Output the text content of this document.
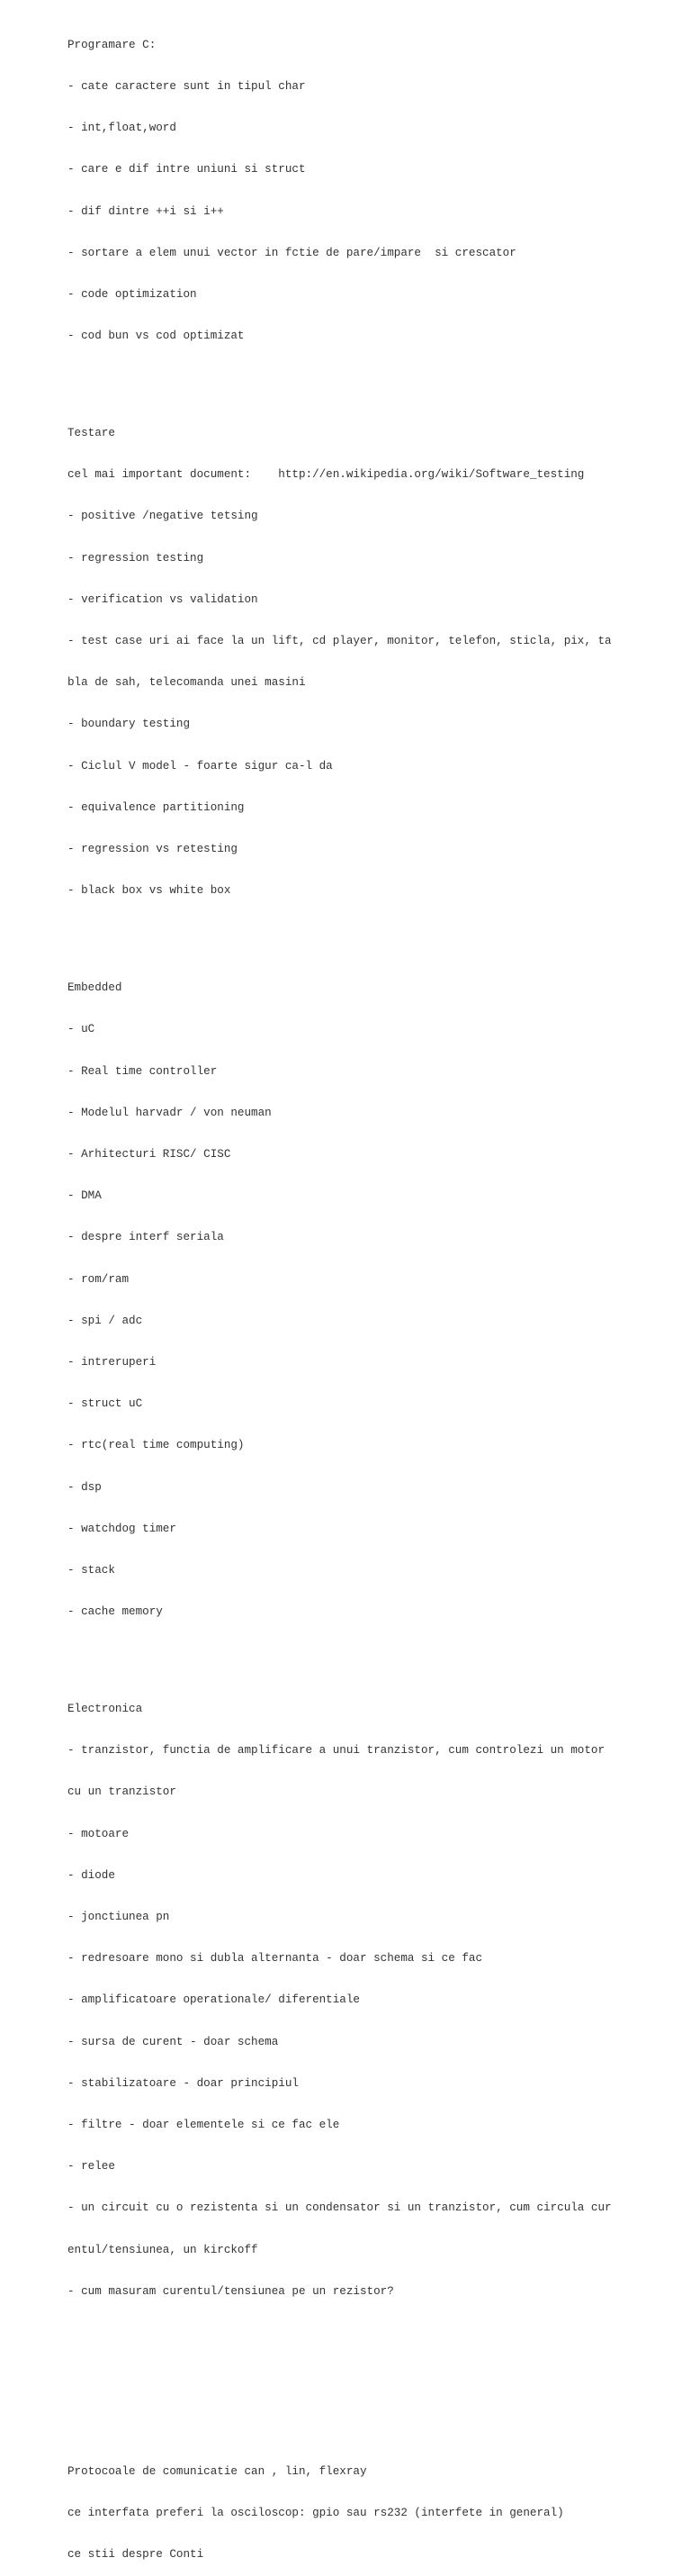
Programare C:

- cate caractere sunt in tipul char

- int,float,word

- care e dif intre uniuni si struct

- dif dintre ++i si i++

- sortare a elem unui vector in fctie de pare/impare  si crescator

- code optimization

- cod bun vs cod optimizat

Testare

cel mai important document:    http://en.wikipedia.org/wiki/Software_testing

- positive /negative tetsing

- regression testing

- verification vs validation

- test case uri ai face la un lift, cd player, monitor, telefon, sticla, pix, ta

bla de sah, telecomanda unei masini

- boundary testing

- Ciclul V model - foarte sigur ca-l da

- equivalence partitioning

- regression vs retesting

- black box vs white box

Embedded

- uC

- Real time controller

- Modelul harvadr / von neuman

- Arhitecturi RISC/ CISC

- DMA

- despre interf seriala

- rom/ram

- spi / adc

- intreruperi

- struct uC

- rtc(real time computing)

- dsp

- watchdog timer

- stack

- cache memory

Electronica

- tranzistor, functia de amplificare a unui tranzistor, cum controlezi un motor

cu un tranzistor

- motoare

- diode

- jonctiunea pn

- redresoare mono si dubla alternanta - doar schema si ce fac

- amplificatoare operationale/ diferentiale

- sursa de curent - doar schema

- stabilizatoare - doar principiul

- filtre - doar elementele si ce fac ele

- relee

- un circuit cu o rezistenta si un condensator si un tranzistor, cum circula cur

entul/tensiunea, un kirckoff

- cum masuram curentul/tensiunea pe un rezistor?

Protocoale de comunicatie can , lin, flexray

ce interfata preferi la osciloscop: gpio sau rs232 (interfete in general)

ce stii despre Conti
